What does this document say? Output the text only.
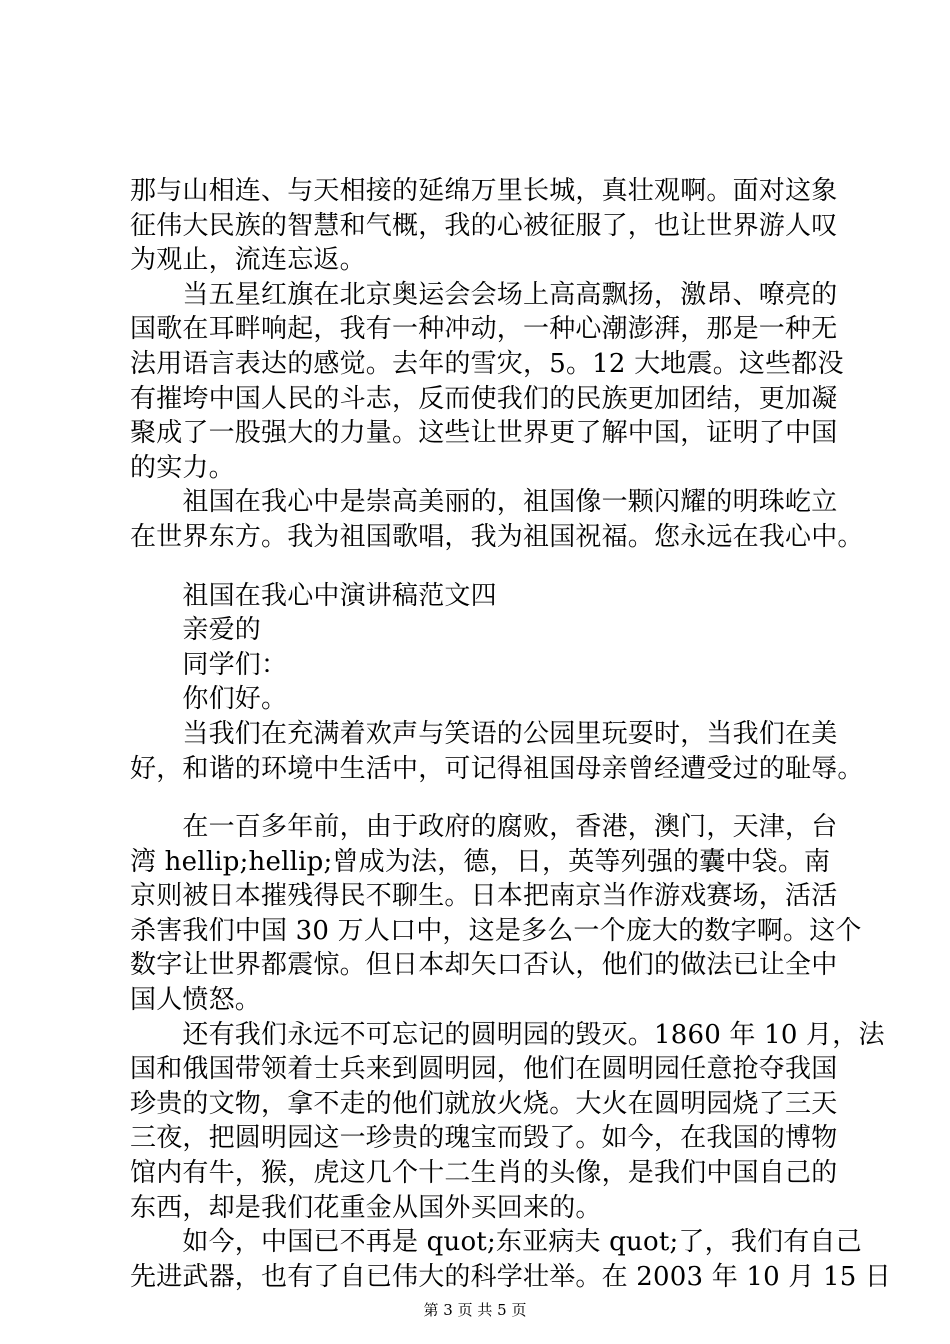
那与山相连、与天相接的延绵万里长城，真壮观啊。面对这象
征伟大民族的智慧和气概，我的心被征服了，也让世界游人叹
为观止，流连忘返。
　　当五星红旗在北京奥运会会场上高高飘扬，激昂、嘹亮的
国歌在耳畔响起，我有一种冲动，一种心潮澎湃，那是一种无
法用语言表达的感觉。去年的雪灾，5。12 大地震。这些都没
有摧垮中国人民的斗志，反而使我们的民族更加团结，更加凝
聚成了一股强大的力量。这些让世界更了解中国，证明了中国
的实力。
　　祖国在我心中是崇高美丽的，祖国像一颗闪耀的明珠屹立
在世界东方。我为祖国歌唱，我为祖国祝福。您永远在我心中。
　　祖国在我心中演讲稿范文四
　　亲爱的
　　同学们：
　　你们好。
　　当我们在充满着欢声与笑语的公园里玩耍时，当我们在美
好，和谐的环境中生活中，可记得祖国母亲曾经遭受过的耻辱。
　　在一百多年前，由于政府的腐败，香港，澳门，天津，台
湾 hellip;hellip;曾成为法，德，日，英等列强的囊中袋。南
京则被日本摧残得民不聊生。日本把南京当作游戏赛场，活活
杀害我们中国 30 万人口中，这是多么一个庞大的数字啊。这个
数字让世界都震惊。但日本却矢口否认，他们的做法已让全中
国人愤怒。
　　还有我们永远不可忘记的圆明园的毁灭。1860 年 10 月，法
国和俄国带领着士兵来到圆明园，他们在圆明园任意抢夺我国
珍贵的文物，拿不走的他们就放火烧。大火在圆明园烧了三天
三夜，把圆明园这一珍贵的瑰宝而毁了。如今，在我国的博物
馆内有牛，猴，虎这几个十二生肖的头像，是我们中国自己的
东西，却是我们花重金从国外买回来的。
　　如今，中国已不再是 quot;东亚病夫 quot;了，我们有自己
先进武器，也有了自已伟大的科学壮举。在 2003 年 10 月 15 日
第 3 页 共 5 页
